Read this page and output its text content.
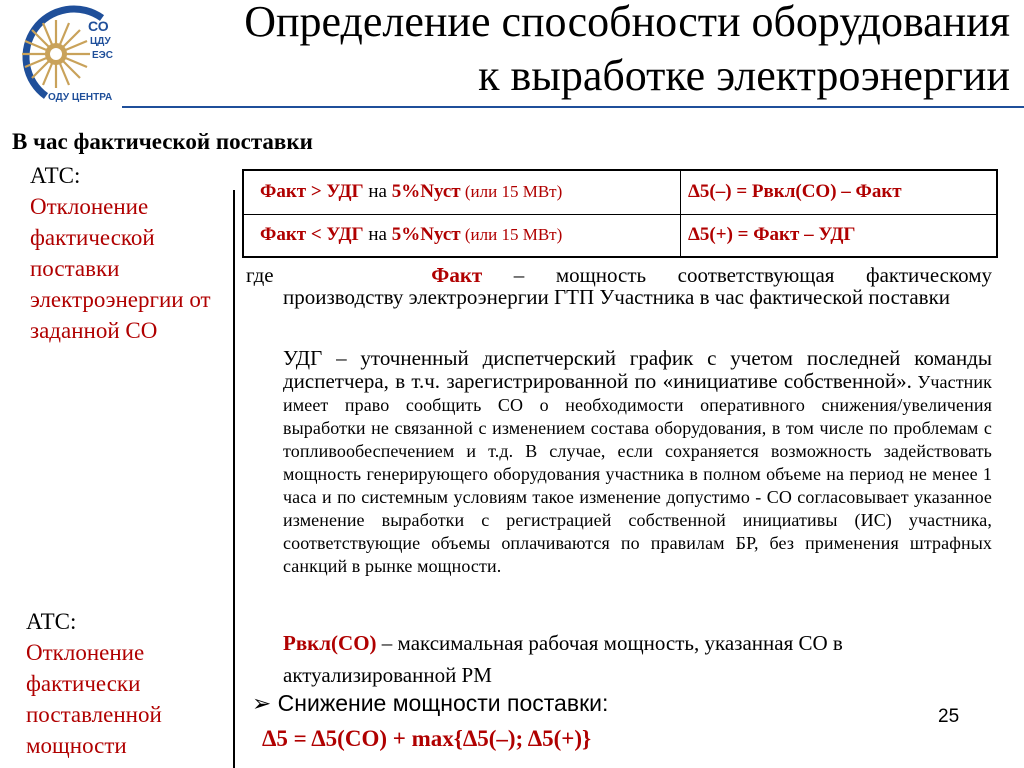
СО
ЦДУ
ЕЭС
ОДУ ЦЕНТРА
Определение способности оборудования
к выработке электроэнергии
В час фактической поставки
АТС:
Отклонение фактической поставки электроэнергии от заданной СО
АТС:
Отклонение фактически поставленной мощности
Факт > УДГ на 5%Nуст (или 15 МВт)	Δ5(–) = Pвкл(СО) – Факт
Факт < УДГ на 5%Nуст (или 15 МВт)	Δ5(+) = Факт – УДГ
где	Факт – мощность соответствующая фактическому
производству электроэнергии ГТП Участника в час фактической поставки
УДГ – уточненный диспетчерский график с учетом последней команды диспетчера, в т.ч. зарегистрированной по «инициативе собственной». Участник имеет право сообщить СО о необходимости оперативного снижения/увеличения выработки не связанной с изменением состава оборудования, в том числе по проблемам с топливообеспечением и т.д. В случае, если сохраняется возможность задействовать мощность генерирующего оборудования участника в полном объеме на период не менее 1 часа и по системным условиям такое изменение допустимо - СО согласовывает указанное изменение выработки с регистрацией собственной инициативы (ИС) участника, соответствующие объемы оплачиваются по правилам БР, без применения штрафных санкций в рынке мощности.
Pвкл(СО) – максимальная рабочая мощность, указанная СО в актуализированной РМ
➢ Снижение мощности поставки:
Δ5 = Δ5(СО) + max{Δ5(–); Δ5(+)}
25
